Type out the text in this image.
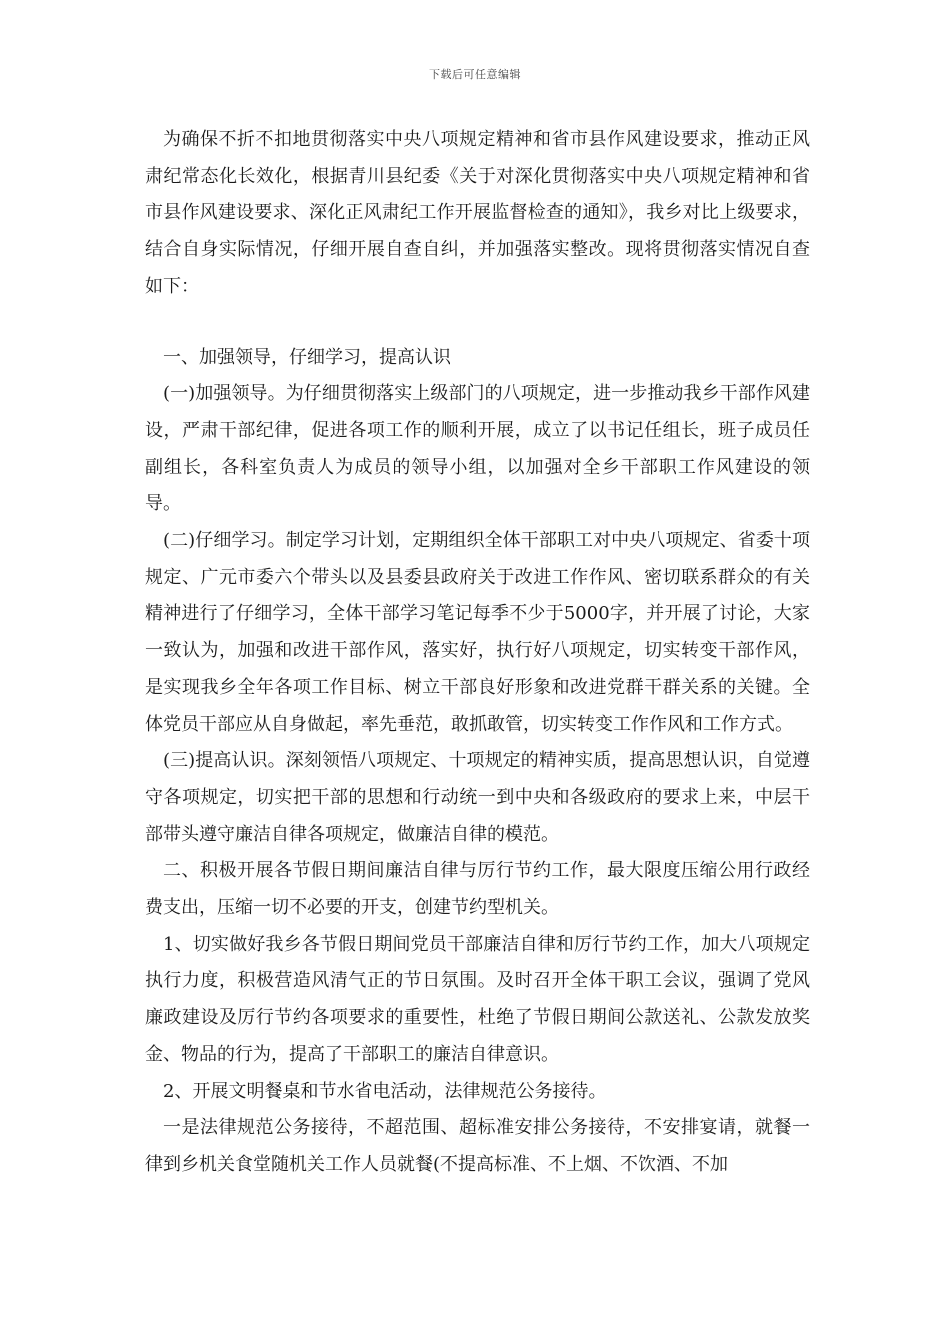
下载后可任意编辑

为确保不折不扣地贯彻落实中央八项规定精神和省市县作风建设要求，推动正风肃纪常态化长效化，根据青川县纪委《关于对深化贯彻落实中央八项规定精神和省市县作风建设要求、深化正风肃纪工作开展监督检查的通知》，我乡对比上级要求，结合自身实际情况，仔细开展自查自纠，并加强落实整改。现将贯彻落实情况自查如下：

一、加强领导，仔细学习，提高认识

(一)加强领导。为仔细贯彻落实上级部门的八项规定，进一步推动我乡干部作风建设，严肃干部纪律，促进各项工作的顺利开展，成立了以书记任组长，班子成员任副组长，各科室负责人为成员的领导小组，以加强对全乡干部职工作风建设的领导。

(二)仔细学习。制定学习计划，定期组织全体干部职工对中央八项规定、省委十项规定、广元市委六个带头以及县委县政府关于改进工作作风、密切联系群众的有关精神进行了仔细学习，全体干部学习笔记每季不少于5000字，并开展了讨论，大家一致认为，加强和改进干部作风，落实好，执行好八项规定，切实转变干部作风，是实现我乡全年各项工作目标、树立干部良好形象和改进党群干群关系的关键。全体党员干部应从自身做起，率先垂范，敢抓敢管，切实转变工作作风和工作方式。

(三)提高认识。深刻领悟八项规定、十项规定的精神实质，提高思想认识，自觉遵守各项规定，切实把干部的思想和行动统一到中央和各级政府的要求上来，中层干部带头遵守廉洁自律各项规定，做廉洁自律的模范。

二、积极开展各节假日期间廉洁自律与厉行节约工作，最大限度压缩公用行政经费支出，压缩一切不必要的开支，创建节约型机关。

1、切实做好我乡各节假日期间党员干部廉洁自律和厉行节约工作，加大八项规定执行力度，积极营造风清气正的节日氛围。及时召开全体干职工会议，强调了党风廉政建设及厉行节约各项要求的重要性，杜绝了节假日期间公款送礼、公款发放奖金、物品的行为，提高了干部职工的廉洁自律意识。

2、开展文明餐桌和节水省电活动，法律规范公务接待。

一是法律规范公务接待，不超范围、超标准安排公务接待，不安排宴请，就餐一律到乡机关食堂随机关工作人员就餐(不提高标准、不上烟、不饮酒、不加
